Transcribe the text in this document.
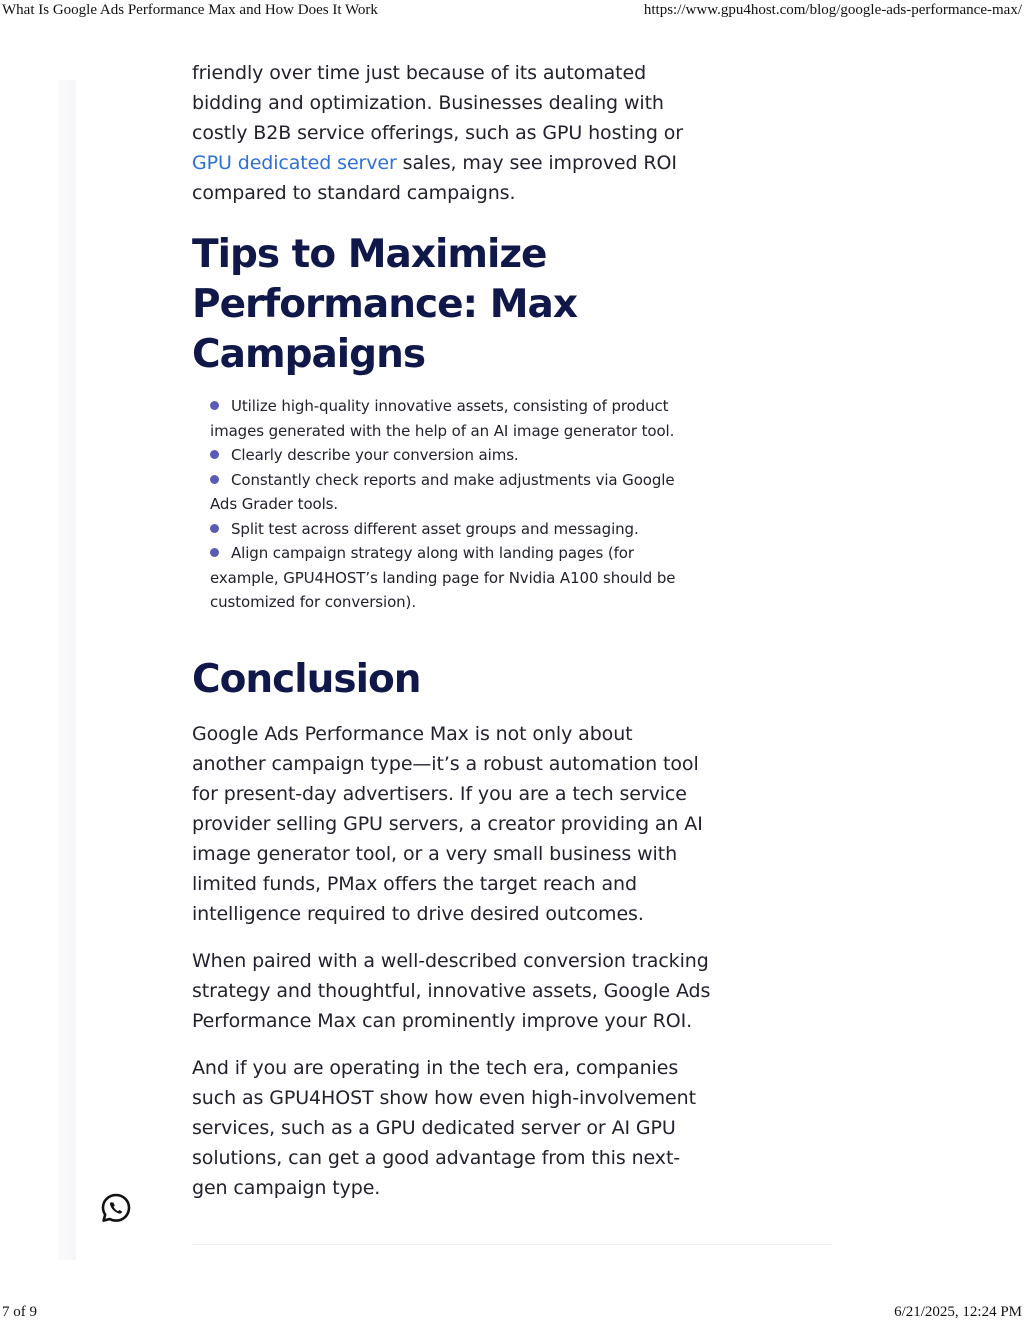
What Is Google Ads Performance Max and How Does It Work	https://www.gpu4host.com/blog/google-ads-performance-max/

friendly over time just because of its automated bidding and optimization. Businesses dealing with costly B2B service offerings, such as GPU hosting or GPU dedicated server sales, may see improved ROI compared to standard campaigns.

Tips to Maximize Performance: Max Campaigns
Utilize high-quality innovative assets, consisting of product images generated with the help of an AI image generator tool.
Clearly describe your conversion aims.
Constantly check reports and make adjustments via Google Ads Grader tools.
Split test across different asset groups and messaging.
Align campaign strategy along with landing pages (for example, GPU4HOST’s landing page for Nvidia A100 should be customized for conversion).
Conclusion

Google Ads Performance Max is not only about another campaign type—it’s a robust automation tool for present-day advertisers. If you are a tech service provider selling GPU servers, a creator providing an AI image generator tool, or a very small business with limited funds, PMax offers the target reach and intelligence required to drive desired outcomes.

When paired with a well-described conversion tracking strategy and thoughtful, innovative assets, Google Ads Performance Max can prominently improve your ROI.

And if you are operating in the tech era, companies such as GPU4HOST show how even high-involvement services, such as a GPU dedicated server or AI GPU solutions, can get a good advantage from this next-gen campaign type.

7 of 9	6/21/2025, 12:24 PM
